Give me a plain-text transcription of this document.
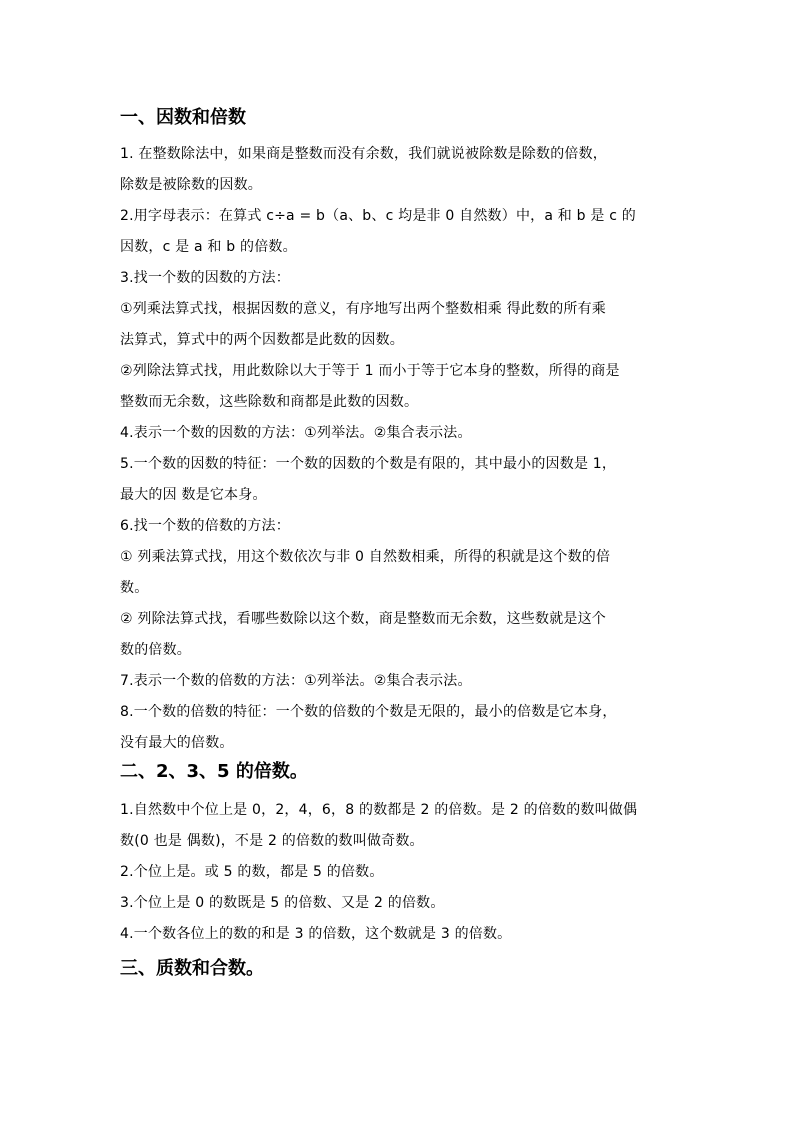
一、因数和倍数

1. 在整数除法中，如果商是整数而没有余数，我们就说被除数是除数的倍数，
除数是被除数的因数。

2.用字母表示：在算式 c÷a = b（a、b、c 均是非 0 自然数）中，a 和 b 是 c 的
因数，c 是 a 和 b 的倍数。

3.找一个数的因数的方法：

①列乘法算式找，根据因数的意义，有序地写出两个整数相乘 得此数的所有乘
法算式，算式中的两个因数都是此数的因数。

②列除法算式找，用此数除以大于等于 1 而小于等于它本身的整数，所得的商是
整数而无余数，这些除数和商都是此数的因数。

4.表示一个数的因数的方法：①列举法。②集合表示法。

5.一个数的因数的特征：一个数的因数的个数是有限的，其中最小的因数是 1，
最大的因 数是它本身。

6.找一个数的倍数的方法：

① 列乘法算式找，用这个数依次与非 0 自然数相乘，所得的积就是这个数的倍
数。

② 列除法算式找，看哪些数除以这个数，商是整数而无余数，这些数就是这个
数的倍数。

7.表示一个数的倍数的方法：①列举法。②集合表示法。

8.一个数的倍数的特征：一个数的倍数的个数是无限的，最小的倍数是它本身，
没有最大的倍数。

二、2、3、5 的倍数。

1.自然数中个位上是 0，2，4，6，8 的数都是 2 的倍数。是 2 的倍数的数叫做偶
数(0 也是 偶数)，不是 2 的倍数的数叫做奇数。

2.个位上是。或 5 的数，都是 5 的倍数。

3.个位上是 0 的数既是 5 的倍数、又是 2 的倍数。

4.一个数各位上的数的和是 3 的倍数，这个数就是 3 的倍数。

三、质数和合数。
